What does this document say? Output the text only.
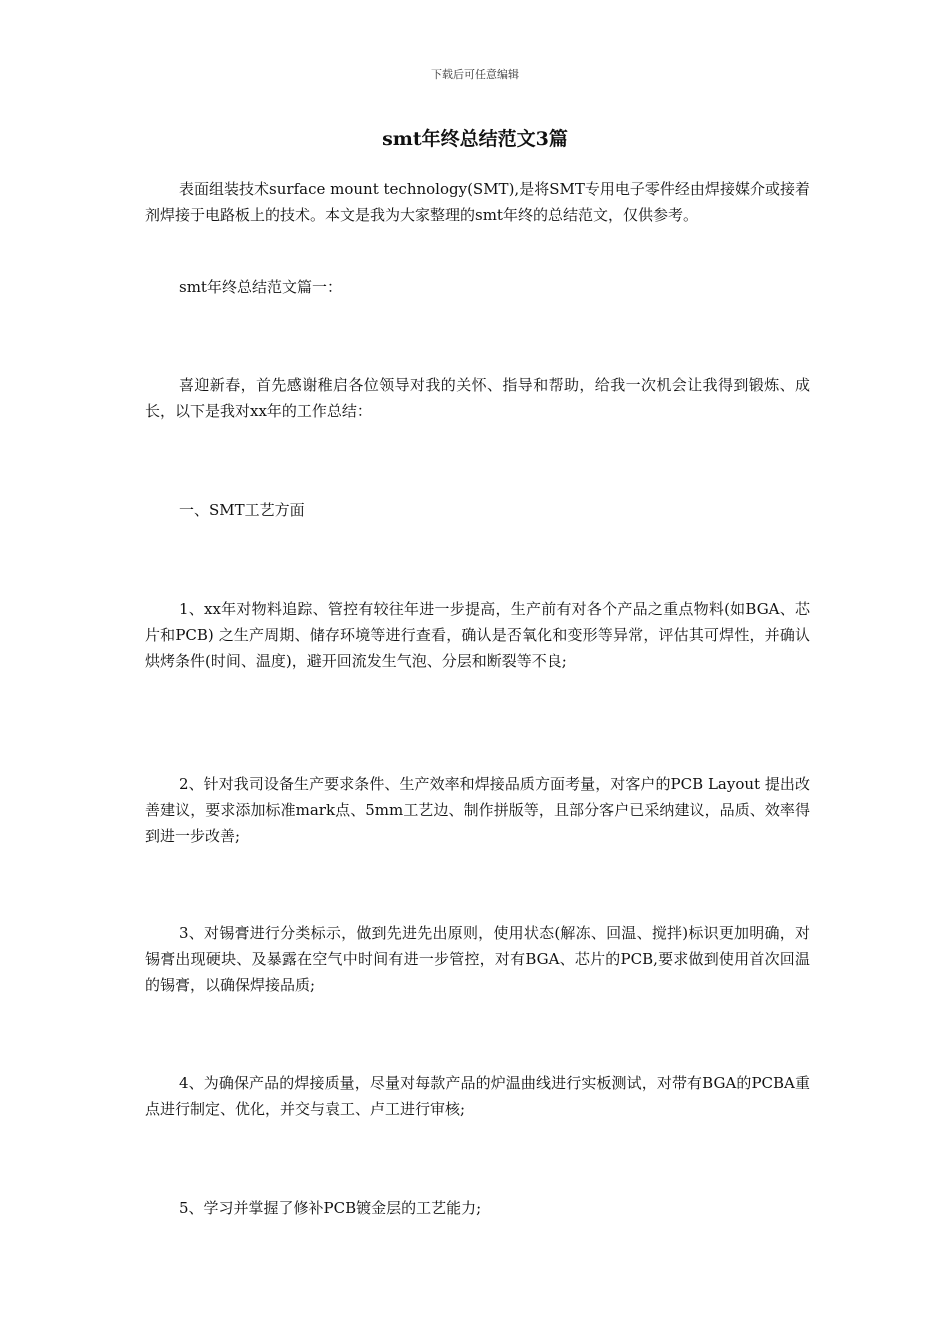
下载后可任意编辑
smt年终总结范文3篇

表面组装技术surface mount technology(SMT),是将SMT专用电子零件经由焊接媒介或接着剂焊接于电路板上的技术。本文是我为大家整理的smt年终的总结范文，仅供参考。

smt年终总结范文篇一：

喜迎新春，首先感谢稚启各位领导对我的关怀、指导和帮助，给我一次机会让我得到锻炼、成长，以下是我对xx年的工作总结：

一、SMT工艺方面

1、xx年对物料追踪、管控有较往年进一步提高，生产前有对各个产品之重点物料(如BGA、芯片和PCB) 之生产周期、储存环境等进行查看，确认是否氧化和变形等异常，评估其可焊性，并确认烘烤条件(时间、温度)，避开回流发生气泡、分层和断裂等不良;

2、针对我司设备生产要求条件、生产效率和焊接品质方面考量，对客户的PCB Layout 提出改善建议，要求添加标准mark点、5mm工艺边、制作拼版等，且部分客户已采纳建议，品质、效率得到进一步改善;

3、对锡膏进行分类标示，做到先进先出原则，使用状态(解冻、回温、搅拌)标识更加明确，对锡膏出现硬块、及暴露在空气中时间有进一步管控，对有BGA、芯片的PCB,要求做到使用首次回温的锡膏，以确保焊接品质;

4、为确保产品的焊接质量，尽量对每款产品的炉温曲线进行实板测试，对带有BGA的PCBA重点进行制定、优化，并交与袁工、卢工进行审核;

5、学习并掌握了修补PCB镀金层的工艺能力;
